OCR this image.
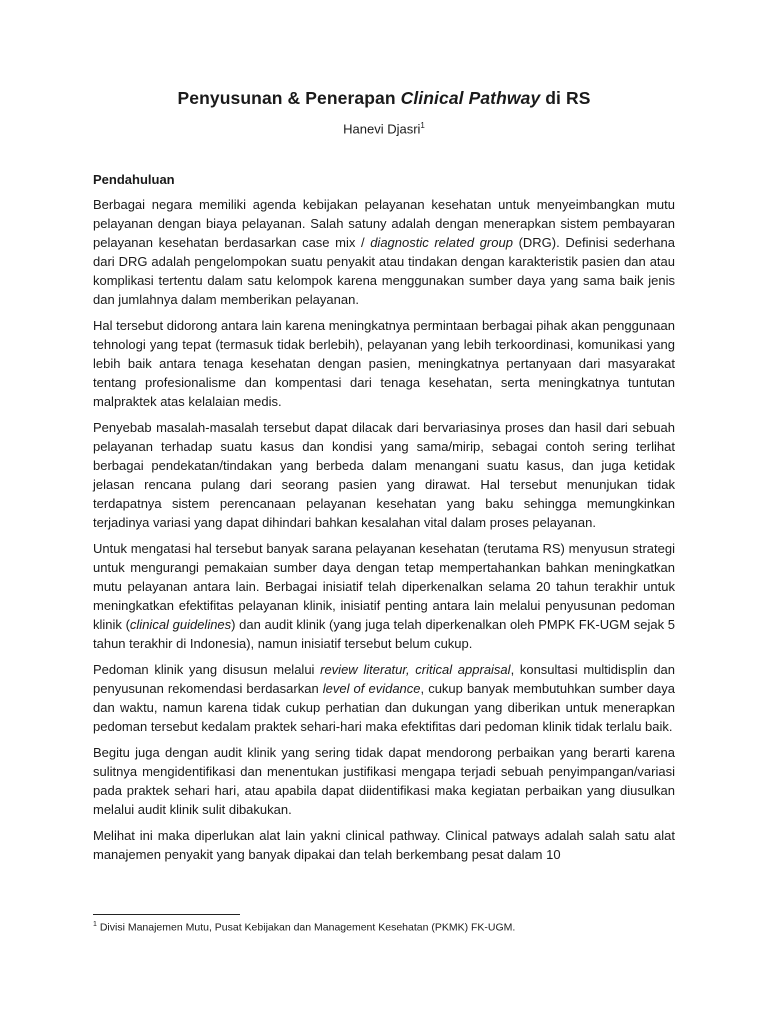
Penyusunan & Penerapan Clinical Pathway di RS

Hanevi Djasri$^1$

Pendahuluan

Berbagai negara memiliki agenda kebijakan pelayanan kesehatan untuk menyeimbangkan mutu pelayanan dengan biaya pelayanan. Salah satuny adalah dengan menerapkan sistem pembayaran pelayanan kesehatan berdasarkan case mix / diagnostic related group (DRG). Definisi sederhana dari DRG adalah pengelompokan suatu penyakit atau tindakan dengan karakteristik pasien dan atau komplikasi tertentu dalam satu kelompok karena menggunakan sumber daya yang sama baik jenis dan jumlahnya dalam memberikan pelayanan.

Hal tersebut didorong antara lain karena meningkatnya permintaan berbagai pihak akan penggunaan tehnologi yang tepat (termasuk tidak berlebih), pelayanan yang lebih terkoordinasi, komunikasi yang lebih baik antara tenaga kesehatan dengan pasien, meningkatnya pertanyaan dari masyarakat tentang profesionalisme dan kompentasi dari tenaga kesehatan, serta meningkatnya tuntutan malpraktek atas kelalaian medis.

Penyebab masalah-masalah tersebut dapat dilacak dari bervariasinya proses dan hasil dari sebuah pelayanan terhadap suatu kasus dan kondisi yang sama/mirip, sebagai contoh sering terlihat berbagai pendekatan/tindakan yang berbeda dalam menangani suatu kasus, dan juga ketidak jelasan rencana pulang dari seorang pasien yang dirawat. Hal tersebut menunjukan tidak terdapatnya sistem perencanaan pelayanan kesehatan yang baku sehingga memungkinkan terjadinya variasi yang dapat dihindari bahkan kesalahan vital dalam proses pelayanan.

Untuk mengatasi hal tersebut banyak sarana pelayanan kesehatan (terutama RS) menyusun strategi untuk mengurangi pemakaian sumber daya dengan tetap mempertahankan bahkan meningkatkan mutu pelayanan antara lain. Berbagai inisiatif telah diperkenalkan selama 20 tahun terakhir untuk meningkatkan efektifitas pelayanan klinik, inisiatif penting antara lain melalui penyusunan pedoman klinik (clinical guidelines) dan audit klinik (yang juga telah diperkenalkan oleh PMPK FK-UGM sejak 5 tahun terakhir di Indonesia), namun inisiatif tersebut belum cukup.

Pedoman klinik yang disusun melalui review literatur, critical appraisal, konsultasi multidisplin dan penyusunan rekomendasi berdasarkan level of evidance, cukup banyak membutuhkan sumber daya dan waktu, namun karena tidak cukup perhatian dan dukungan yang diberikan untuk menerapkan pedoman tersebut kedalam praktek sehari-hari maka efektifitas dari pedoman klinik tidak terlalu baik.

Begitu juga dengan audit klinik yang sering tidak dapat mendorong perbaikan yang berarti karena sulitnya mengidentifikasi dan menentukan justifikasi mengapa terjadi sebuah penyimpangan/variasi pada praktek sehari hari, atau apabila dapat diidentifikasi maka kegiatan perbaikan yang diusulkan melalui audit klinik sulit dibakukan.

Melihat ini maka diperlukan alat lain yakni clinical pathway. Clinical patways adalah salah satu alat manajemen penyakit yang banyak dipakai dan telah berkembang pesat dalam 10

$^1$ Divisi Manajemen Mutu, Pusat Kebijakan dan Management Kesehatan (PKMK) FK-UGM.
